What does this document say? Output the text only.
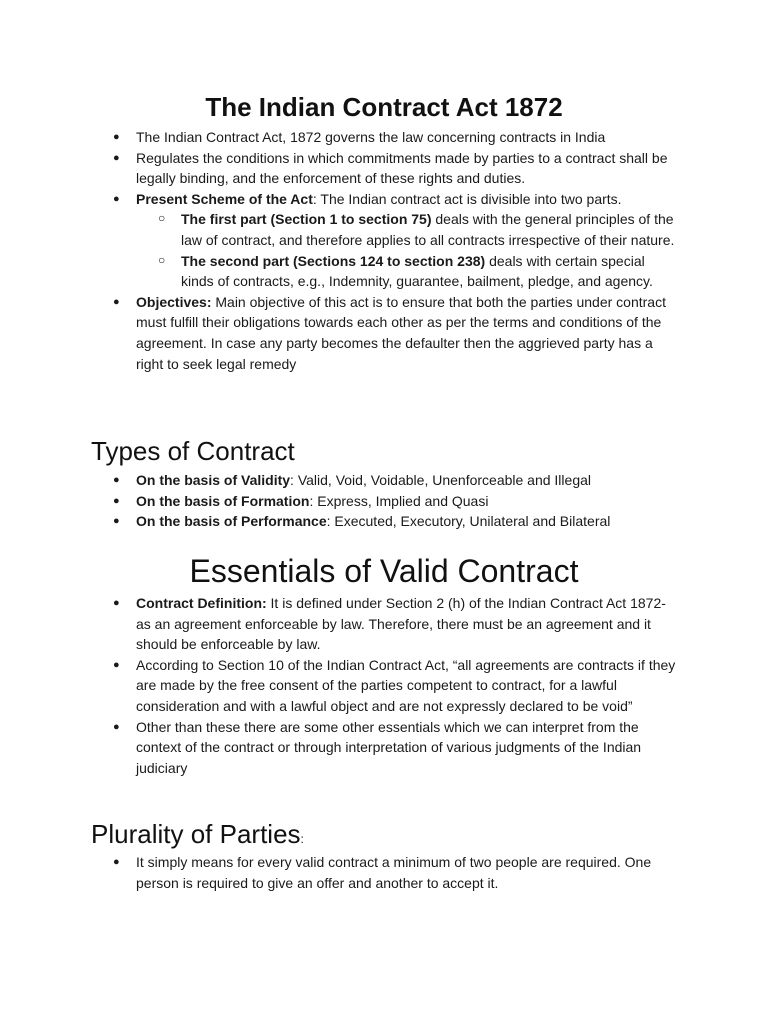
The Indian Contract Act 1872
● The Indian Contract Act, 1872 governs the law concerning contracts in India
● Regulates the conditions in which commitments made by parties to a contract shall be legally binding, and the enforcement of these rights and duties.
● Present Scheme of the Act: The Indian contract act is divisible into two parts.
○ The first part (Section 1 to section 75) deals with the general principles of the law of contract, and therefore applies to all contracts irrespective of their nature.
○ The second part (Sections 124 to section 238) deals with certain special kinds of contracts, e.g., Indemnity, guarantee, bailment, pledge, and agency.
● Objectives: Main objective of this act is to ensure that both the parties under contract must fulfill their obligations towards each other as per the terms and conditions of the agreement. In case any party becomes the defaulter then the aggrieved party has a right to seek legal remedy
Types of Contract
● On the basis of Validity: Valid, Void, Voidable, Unenforceable and Illegal
● On the basis of Formation: Express, Implied and Quasi
● On the basis of Performance: Executed, Executory, Unilateral and Bilateral
Essentials of Valid Contract
● Contract Definition: It is defined under Section 2 (h) of the Indian Contract Act 1872- as an agreement enforceable by law. Therefore, there must be an agreement and it should be enforceable by law.
● According to Section 10 of the Indian Contract Act, “all agreements are contracts if they are made by the free consent of the parties competent to contract, for a lawful consideration and with a lawful object and are not expressly declared to be void”
● Other than these there are some other essentials which we can interpret from the context of the contract or through interpretation of various judgments of the Indian judiciary
Plurality of Parties:
● It simply means for every valid contract a minimum of two people are required. One person is required to give an offer and another to accept it.
